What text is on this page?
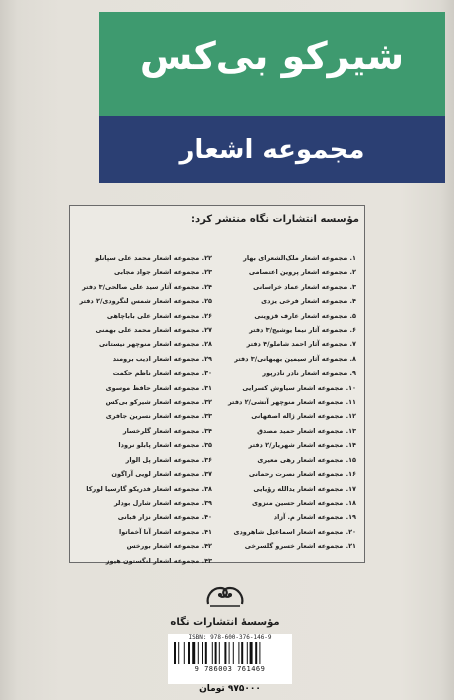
شیرکو بی‌کس
مجموعه اشعار
مؤسسه انتشارات نگاه منتشر کرد:
۱. مجموعه اشعار ملک‌الشعرای بهار
۲. مجموعه اشعار پروین اعتصامی
۳. مجموعه اشعار عماد خراسانی
۴. مجموعه اشعار فرخی یزدی
۵. مجموعه اشعار عارف قزوینی
۶. مجموعه آثار نیما یوشیج/۳ دفتر
۷. مجموعه آثار احمد شاملو/۴ دفتر
۸. مجموعه آثار سیمین بهبهانی/۳ دفتر
۹. مجموعه اشعار نادر نادرپور
۱۰. مجموعه اشعار سیاوش کسرایی
۱۱. مجموعه اشعار منوچهر آتشی/۲ دفتر
۱۲. مجموعه اشعار ژاله اصفهانی
۱۳. مجموعه اشعار حمید مصدق
۱۴. مجموعه اشعار شهریار/۲ دفتر
۱۵. مجموعه اشعار رهی معیری
۱۶. مجموعه اشعار نصرت رحمانی
۱۷. مجموعه اشعار یدالله رؤیایی
۱۸. مجموعه اشعار حسین منزوی
۱۹. مجموعه اشعار م. آزاد
۲۰. مجموعه اشعار اسماعیل شاهرودی
۲۱. مجموعه اشعار خسرو گلسرخی
۲۲. مجموعه اشعار محمد علی سپانلو
۲۳. مجموعه اشعار جواد مجابی
۲۴. مجموعه آثار سید علی صالحی/۳ دفتر
۲۵. مجموعه اشعار شمس لنگرودی/۲ دفتر
۲۶. مجموعه اشعار علی باباچاهی
۲۷. مجموعه اشعار محمد علی بهمنی
۲۸. مجموعه اشعار منوچهر نیستانی
۲۹. مجموعه اشعار ادیب برومند
۳۰. مجموعه اشعار ناظم حکمت
۳۱. مجموعه اشعار حافظ موسوی
۳۲. مجموعه اشعار شیرکو بی‌کس
۳۳. مجموعه اشعار نسرین جافری
۳۴. مجموعه اشعار گلرخسار
۳۵. مجموعه اشعار پابلو نرودا
۳۶. مجموعه اشعار پل الوار
۳۷. مجموعه اشعار لویی آراگون
۳۸. مجموعه اشعار فدریکو گارسیا لورکا
۳۹. مجموعه اشعار شارل بودلر
۴۰. مجموعه اشعار نزار قبانی
۴۱. مجموعه اشعار آنا آخماتوا
۴۲. مجموعه اشعار بورخس
۴۳. مجموعه اشعار لنگستون هیوز
مؤسسهٔ انتشارات نگاه
ISBN: 978-600-376-146-9
9 786003 761469
۹۷۵۰۰۰ تومان
